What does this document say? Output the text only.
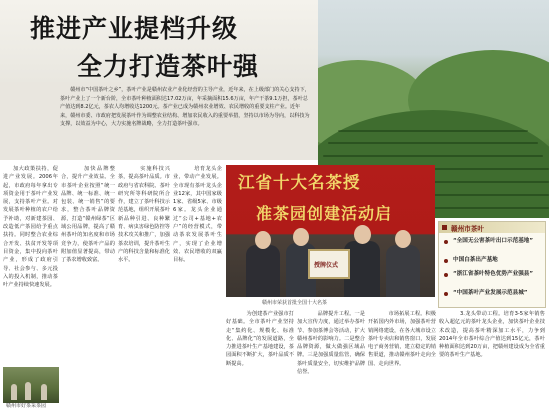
推进产业提档升级
全力打造茶叶强

　　赣州市“中国茶叶之乡”，茶叶产业是赣州农业产业化经营的主导产业，近年来，在上级部门的关心支持下，茶叶产业上了一个新台阶，全市茶叶种植面积达17.02万亩，年采摘面积15.6万亩，年产干茶9.1万担，茶叶总产值达到8.2亿元，茶农人均增收达1200元。茶产业已成为赣州农业增效、农民增收的重要支柱产业。近年来，赣州市委、市政府把发展茶叶作为调整农业结构、增加农民收入的重要举措，坚持以市场为导向，以科技为支撑，以效益为中心，大力实施名牌战略，全力打造茶叶强市。

加大政策扶持，促进产业发展。2006年起，市政府每年拿出专项资金用于茶叶产业发展，支持茶叶产业。对发展茶叶种植的农户给予补助，对新建茶园、改造低产茶园给予重点扶持。同时整合农业综合开发、扶贫开发等项目资金，集中投向茶叶产业，形成了政府引导、社会参与、多元投入的投入机制，推动茶叶产业持续快速发展。

　　加快品牌整合，提升产业效益。全市茶叶企业按照“统一品牌、统一标准、统一包装、统一销售”的要求，整合茶叶品牌资源，打造“赣州绿茶”区域公用品牌，提高了赣州茶叶的知名度和市场竞争力，使茶叶产品的附加值显著提高，带动了茶农增收致富。

　　实施科技兴茶，提高茶叶品质。市政府与省农科院、茶叶研究所等科研院所合作，建立了茶叶科技示范基地，组织开展茶叶新品种引进、良种繁育、病虫害绿色防控等技术攻关和推广，加强茶农培训，提升茶叶生产的科技含量和标准化水平。

　　培育龙头企业，带动产业发展。全市现有茶叶龙头企业12家，其中国家级1家、省级5家、市级6家。龙头企业通过“公司+基地+农户”的经营模式，带动茶农发展茶叶生产，实现了企业增效、农民增收的双赢目标。

赣州市好茶采茶园
江省十大名茶授
准茶园创建活动启
授牌仪式
赣州市荣获首批全国十大名茶

　　为创建茶产业强市打好基础。全市茶叶产业坚持走“集约化、规模化、标准化、品牌化”的发展道路，全力推进茶叶生产基地建设，茶园面积不断扩大，茶叶品质不断提高。

　　品牌提升工程。一是加大宣传力度，通过举办茶叶节、参加茶博会等活动，扩大赣州茶叶的影响力。二是整合品牌资源，做大做强区域品牌。三是加强质量监管，确保茶叶质量安全，切实维护品牌信誉。

　　市场拓展工程。积极开拓国内外市场，加强茶叶营销网络建设，在各大城市设立茶叶专卖店和销售窗口，发展电子商务营销，建立稳定的销售渠道，推动赣州茶叶走向全国、走向世界。

　　3.龙头带动工程。培育3-5家年销售收入超亿元的茶叶龙头企业，加快茶叶企业技术改造，提高茶叶精深加工水平，力争到2014年全市茶叶综合产值达到15亿元，茶叶种植面积达到20万亩，把赣州建设成为全省重要的茶叶生产基地。

赣州市茶叶
“全国无公害茶叶出口示范基地”
中国白茶出产基地
“浙江省茶叶特色优势产业强县”
“中国茶叶产业发展示范县城”
